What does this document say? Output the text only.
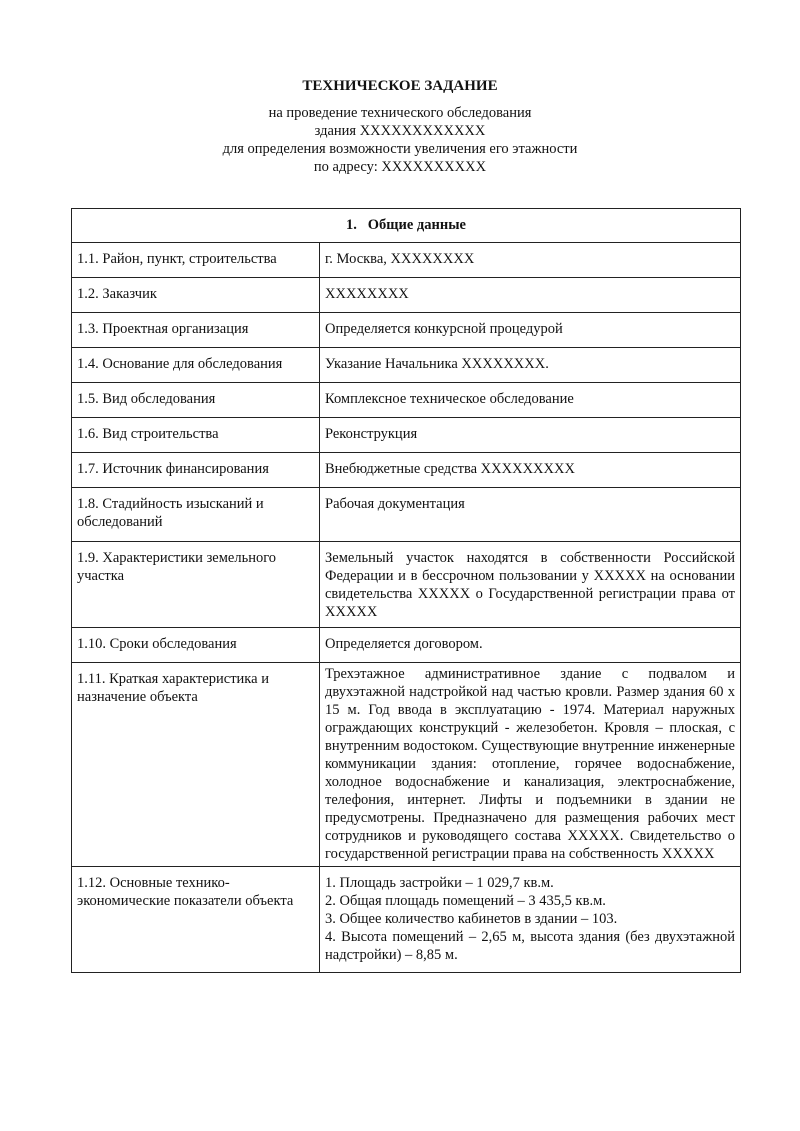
ТЕХНИЧЕСКОЕ ЗАДАНИЕ
на проведение технического обследования
здания ХХХХХХХХХХХХ
для определения возможности увеличения его этажности
по адресу: ХХХХХХХХХХ
1. Общие данные	
1.1. Район, пункт, строительства	г. Москва, ХХХХХХХХ
1.2. Заказчик	ХХХХХХХХ
1.3. Проектная организация	Определяется конкурсной процедурой
1.4. Основание для обследования	Указание Начальника ХХХХХХХХ.
1.5. Вид обследования	Комплексное техническое обследование
1.6. Вид строительства	Реконструкция
1.7. Источник финансирования	Внебюджетные средства ХХХХХХХХХ
1.8. Стадийность изысканий и обследований	Рабочая документация
1.9. Характеристики земельного участка	Земельный участок находятся в собственности Российской Федерации и в бессрочном пользовании у ХХХХХ на основании свидетельства ХХХХХ о Государственной регистрации права от ХХХХХ
1.10. Сроки обследования	Определяется договором.
1.11. Краткая характеристика и назначение объекта	Трехэтажное административное здание с подвалом и двухэтажной надстройкой над частью кровли. Размер здания 60 х 15 м. Год ввода в эксплуатацию - 1974. Материал наружных ограждающих конструкций - железобетон. Кровля – плоская, с внутренним водостоком. Существующие внутренние инженерные коммуникации здания: отопление, горячее водоснабжение, холодное водоснабжение и канализация, электроснабжение, телефония, интернет. Лифты и подъемники в здании не предусмотрены. Предназначено для размещения рабочих мест сотрудников и руководящего состава ХХХХХ. Свидетельство о государственной регистрации права на собственность ХХХХХ
1.12. Основные технико-экономические показатели объекта	1. Площадь застройки – 1 029,7 кв.м.
2. Общая площадь помещений – 3 435,5 кв.м.
3. Общее количество кабинетов в здании – 103.
4. Высота помещений – 2,65 м, высота здания (без двухэтажной надстройки) – 8,85 м.
